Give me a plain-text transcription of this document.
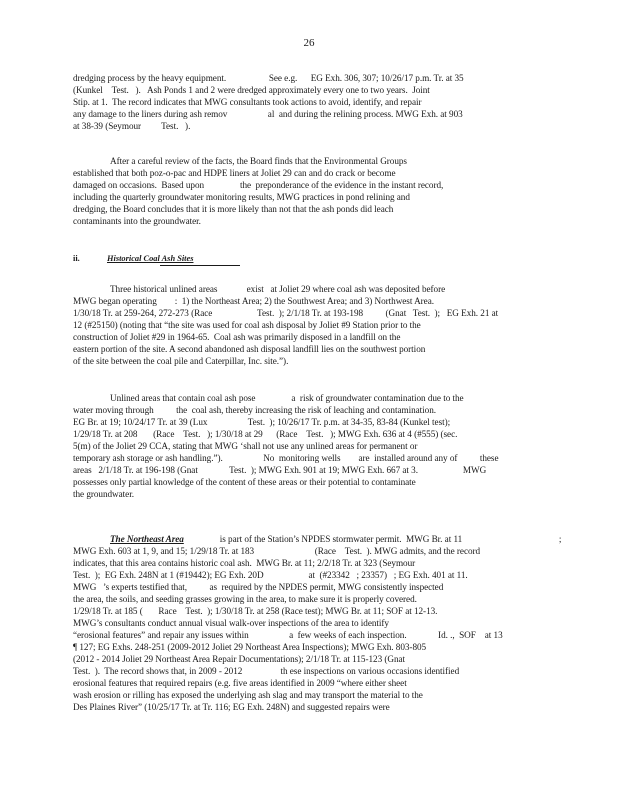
26
dredging process by the heavy equipment.                   See e.g.      EG Exh. 306, 307; 10/26/17 p.m. Tr. at 35
(Kunkel    Test.   ).   Ash Ponds 1 and 2 were dredged approximately every one to two years.  Joint
Stip. at 1.  The record indicates that MWG consultants took actions to avoid, identify, and repair
any damage to the liners during ash remov                  al  and during the relining process. MWG Exh. at 903
at 38-39 (Seymour         Test.   ).
After a careful review of the facts, the Board finds that the Environmental Groups
established that both poz-o-pac and HDPE liners at Joliet 29 can and do crack or become
damaged on occasions.  Based upon                the  preponderance of the evidence in the instant record,
including the quarterly groundwater monitoring results, MWG practices in pond relining and
dredging, the Board concludes that it is more likely than not that the ash ponds did leach
contaminants into the groundwater.
ii.	Historical Coal Ash Sites
Three historical unlined areas             exist   at Joliet 29 where coal ash was deposited before
MWG began operating        :  1) the Northeast Area; 2) the Southwest Area; and 3) Northwest Area.
1/30/18 Tr. at 259-264, 272-273 (Race                    Test.  ); 2/1/18 Tr. at 193-198          (Gnat   Test.  );   EG Exh. 21 at
12 (#25150) (noting that “the site was used for coal ash disposal by Joliet #9 Station prior to the
construction of Joliet #29 in 1964-65.  Coal ash was primarily disposed in a landfill on the
eastern portion of the site. A second abandoned ash disposal landfill lies on the southwest portion
of the site between the coal pile and Caterpillar, Inc. site.”).
Unlined areas that contain coal ash pose                a  risk of groundwater contamination due to the
water moving through          the  coal ash, thereby increasing the risk of leaching and contamination.
EG Br. at 19; 10/24/17 Tr. at 39 (Lux                  Test.  ); 10/26/17 Tr. p.m. at 34-35, 83-84 (Kunkel test);
1/29/18 Tr. at 208       (Race    Test.   ); 1/30/18 at 29      (Race    Test.   ); MWG Exh. 636 at 4 (#555) (sec.
5(m) of the Joliet 29 CCA, stating that MWG ‘shall not use any unlined areas for permanent or
temporary ash storage or ash handling.”).                  No  monitoring wells        are  installed around any of          these
areas   2/1/18 Tr. at 196-198 (Gnat              Test.  ); MWG Exh. 901 at 19; MWG Exh. 667 at 3.                    MWG
possesses only partial knowledge of the content of these areas or their potential to contaminate
the groundwater.
The Northeast Area                is part of the Station’s NPDES stormwater permit.  MWG Br. at 11                                           ;
MWG Exh. 603 at 1, 9, and 15; 1/29/18 Tr. at 183                           (Race    Test.  ). MWG admits, and the record
indicates, that this area contains historic coal ash.  MWG Br. at 11; 2/2/18 Tr. at 323 (Seymour
Test.  );  EG Exh. 248N at 1 (#19442); EG Exh. 20D                    at  (#23342   ; 23357)   ; EG Exh. 401 at 11.
MWG   ’s experts testified that,          as  required by the NPDES permit, MWG consistently inspected
the area, the soils, and seeding grasses growing in the area, to make sure it is properly covered.
1/29/18 Tr. at 185 (       Race    Test.  ); 1/30/18 Tr. at 258 (Race test); MWG Br. at 11; SOF at 12-13.
MWG’s consultants conduct annual visual walk-over inspections of the area to identify
“erosional features” and repair any issues within                  a  few weeks of each inspection.              Id. .,  SOF    at 13
¶ 127; EG Exhs. 248-251 (2009-2012 Joliet 29 Northeast Area Inspections); MWG Exh. 803-805
(2012 - 2014 Joliet 29 Northeast Area Repair Documentations); 2/1/18 Tr. at 115-123 (Gnat
Test.  ).  The record shows that, in 2009 - 2012                 th ese inspections on various occasions identified
erosional features that required repairs (e.g. five areas identified in 2009 “where either sheet
wash erosion or rilling has exposed the underlying ash slag and may transport the material to the
Des Plaines River” (10/25/17 Tr. at Tr. 116; EG Exh. 248N) and suggested repairs were
